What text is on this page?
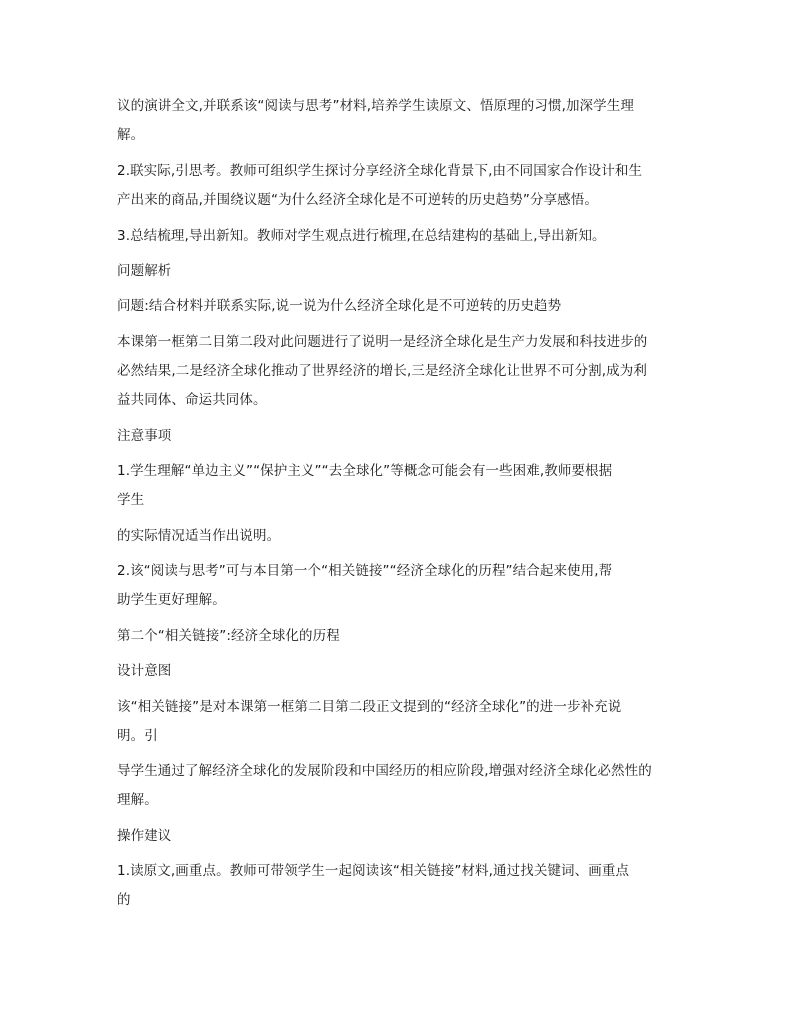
议的演讲全文,并联系该“阅读与思考”材料,培养学生读原文、悟原理的习惯,加深学生理
解。
2.联实际,引思考。教师可组织学生探讨分享经济全球化背景下,由不同国家合作设计和生
产出来的商品,并围绕议题“为什么经济全球化是不可逆转的历史趋势”分享感悟。
3.总结梳理,导出新知。教师对学生观点进行梳理,在总结建构的基础上,导出新知。
问题解析
问题:结合材料并联系实际,说一说为什么经济全球化是不可逆转的历史趋势
本课第一框第二目第二段对此问题进行了说明一是经济全球化是生产力发展和科技进步的
必然结果,二是经济全球化推动了世界经济的增长,三是经济全球化让世界不可分割,成为利
益共同体、命运共同体。
注意事项
1.学生理解“单边主义”“保护主义”“去全球化”等概念可能会有一些困难,教师要根据
学生
的实际情况适当作出说明。
2.该“阅读与思考”可与本目第一个“相关链接”“经济全球化的历程”结合起来使用,帮
助学生更好理解。
第二个“相关链接”:经济全球化的历程
设计意图
该“相关链接”是对本课第一框第二目第二段正文提到的“经济全球化”的进一步补充说
明。引
导学生通过了解经济全球化的发展阶段和中国经历的相应阶段,增强对经济全球化必然性的
理解。
操作建议
1.读原文,画重点。教师可带领学生一起阅读该“相关链接”材料,通过找关键词、画重点
的
